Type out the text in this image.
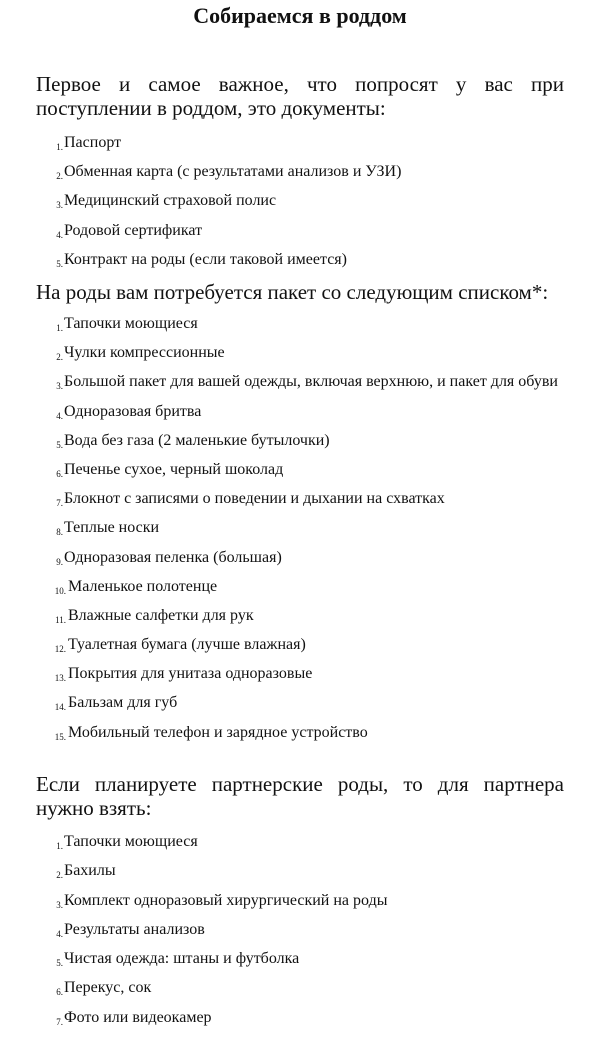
Собираемся в роддом
Первое и самое важное, что попросят у вас при поступлении в роддом, это документы:
1. Паспорт
2. Обменная карта (с результатами анализов и УЗИ)
3. Медицинский страховой полис
4. Родовой сертификат
5. Контракт на роды (если таковой имеется)
На роды вам потребуется пакет со следующим списком*:
1. Тапочки моющиеся
2. Чулки компрессионные
3. Большой пакет для вашей одежды, включая верхнюю, и пакет для обуви
4. Одноразовая бритва
5. Вода без газа (2 маленькие бутылочки)
6. Печенье сухое, черный шоколад
7. Блокнот с записями о поведении и дыхании на схватках
8. Теплые носки
9. Одноразовая пеленка (большая)
10. Маленькое полотенце
11. Влажные салфетки для рук
12. Туалетная бумага (лучше влажная)
13. Покрытия для унитаза одноразовые
14. Бальзам для губ
15. Мобильный телефон и зарядное устройство
Если планируете партнерские роды, то для партнера нужно взять:
1. Тапочки моющиеся
2. Бахилы
3. Комплект одноразовый хирургический на роды
4. Результаты анализов
5. Чистая одежда: штаны и футболка
6. Перекус, сок
7. Фото или видеокамер
